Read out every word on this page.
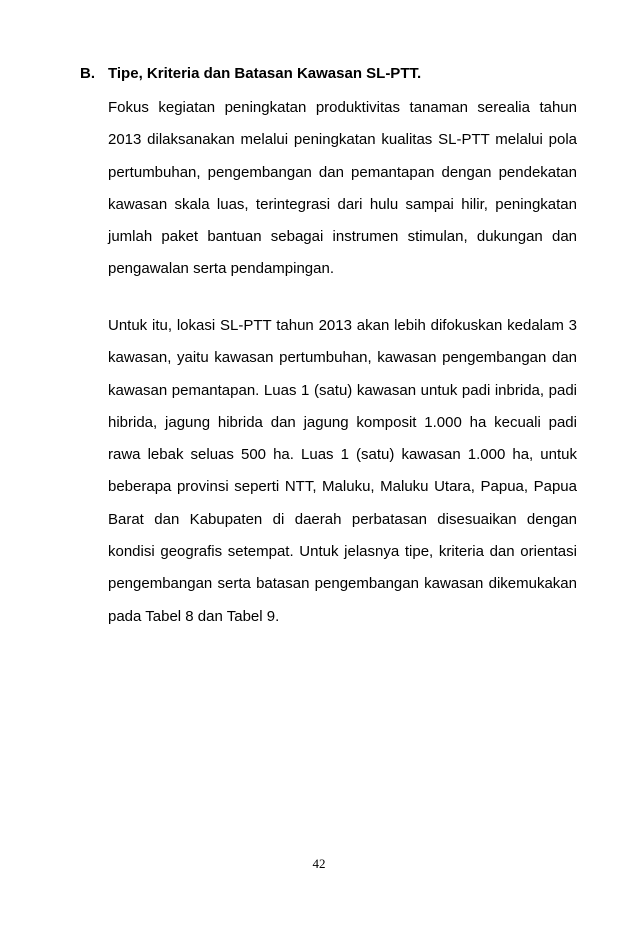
B. Tipe, Kriteria dan Batasan Kawasan SL-PTT.

Fokus kegiatan peningkatan produktivitas tanaman serealia tahun 2013 dilaksanakan melalui peningkatan kualitas SL-PTT melalui pola pertumbuhan, pengembangan dan pemantapan dengan pendekatan kawasan skala luas, terintegrasi dari hulu sampai hilir, peningkatan jumlah paket bantuan sebagai instrumen stimulan, dukungan dan pengawalan serta pendampingan.

Untuk itu, lokasi SL-PTT tahun 2013 akan lebih difokuskan kedalam 3 kawasan, yaitu kawasan pertumbuhan, kawasan pengembangan dan kawasan pemantapan. Luas 1 (satu) kawasan untuk padi inbrida, padi hibrida, jagung hibrida dan jagung komposit 1.000 ha kecuali padi rawa lebak seluas 500 ha. Luas 1 (satu) kawasan 1.000 ha, untuk beberapa provinsi seperti NTT, Maluku, Maluku Utara, Papua, Papua Barat dan Kabupaten di daerah perbatasan disesuaikan dengan kondisi geografis setempat. Untuk jelasnya tipe, kriteria dan orientasi pengembangan serta batasan pengembangan kawasan dikemukakan pada Tabel 8 dan Tabel 9.

42
